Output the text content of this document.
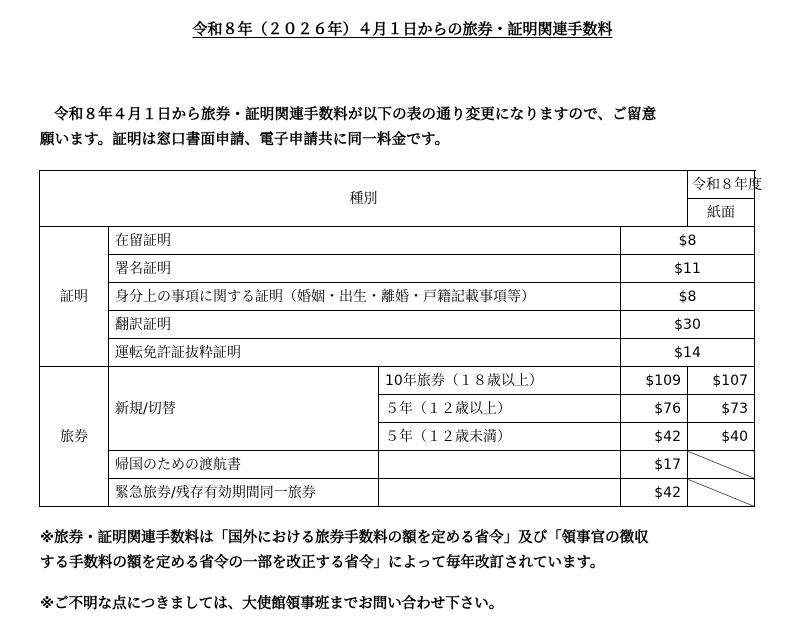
令和８年（２０２６年）４月１日からの旅券・証明関連手数料
令和８年４月１日から旅券・証明関連手数料が以下の表の通り変更になりますので、ご留意
願います。証明は窓口書面申請、電子申請共に同一料金です。
種別				令和８年度	
				紙面	
証明	在留証明		$8		
	署名証明		$11		
	身分上の事項に関する証明（婚姻・出生・離婚・戸籍記載事項等）		$8		
	翻訳証明		$30		
	運転免許証抜粋証明		$14		
旅券	新規/切替	10年旅券（１８歳以上）	$109	$107	
		５年（１２歳以上）	$76	$73	
		５年（１２歳未満）	$42	$40	
	帰国のための渡航書		$17		
	緊急旅券/残存有効期間同一旅券		$42		
※旅券・証明関連手数料は「国外における旅券手数料の額を定める省令」及び「領事官の徴収
する手数料の額を定める省令の一部を改正する省令」によって毎年改訂されています。
※ご不明な点につきましては、大使館領事班までお問い合わせ下さい。
